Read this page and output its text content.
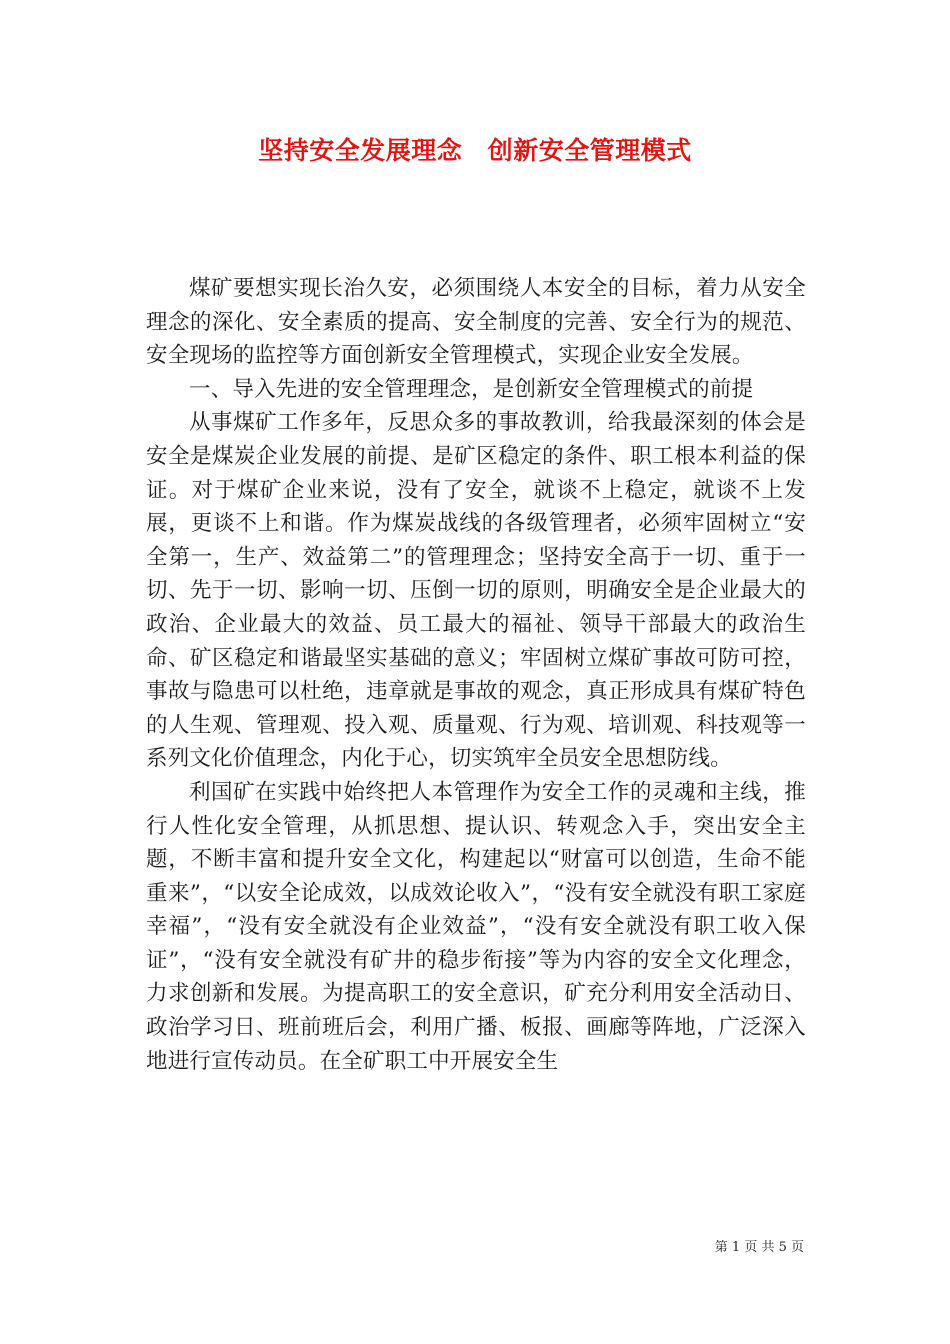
坚持安全发展理念　创新安全管理模式

煤矿要想实现长治久安，必须围绕人本安全的目标，着力从安全理念的深化、安全素质的提高、安全制度的完善、安全行为的规范、安全现场的监控等方面创新安全管理模式，实现企业安全发展。

一、导入先进的安全管理理念，是创新安全管理模式的前提

从事煤矿工作多年，反思众多的事故教训，给我最深刻的体会是安全是煤炭企业发展的前提、是矿区稳定的条件、职工根本利益的保证。对于煤矿企业来说，没有了安全，就谈不上稳定，就谈不上发展，更谈不上和谐。作为煤炭战线的各级管理者，必须牢固树立“安全第一，生产、效益第二”的管理理念；坚持安全高于一切、重于一切、先于一切、影响一切、压倒一切的原则，明确安全是企业最大的政治、企业最大的效益、员工最大的福祉、领导干部最大的政治生命、矿区稳定和谐最坚实基础的意义；牢固树立煤矿事故可防可控，事故与隐患可以杜绝，违章就是事故的观念，真正形成具有煤矿特色的人生观、管理观、投入观、质量观、行为观、培训观、科技观等一系列文化价值理念，内化于心，切实筑牢全员安全思想防线。

利国矿在实践中始终把人本管理作为安全工作的灵魂和主线，推行人性化安全管理，从抓思想、提认识、转观念入手，突出安全主题，不断丰富和提升安全文化，构建起以“财富可以创造，生命不能重来”，“以安全论成效，以成效论收入”，“没有安全就没有职工家庭幸福”，“没有安全就没有企业效益”，“没有安全就没有职工收入保证”，“没有安全就没有矿井的稳步衔接”等为内容的安全文化理念，力求创新和发展。为提高职工的安全意识，矿充分利用安全活动日、政治学习日、班前班后会，利用广播、板报、画廊等阵地，广泛深入地进行宣传动员。在全矿职工中开展安全生

第 1 页 共 5 页
